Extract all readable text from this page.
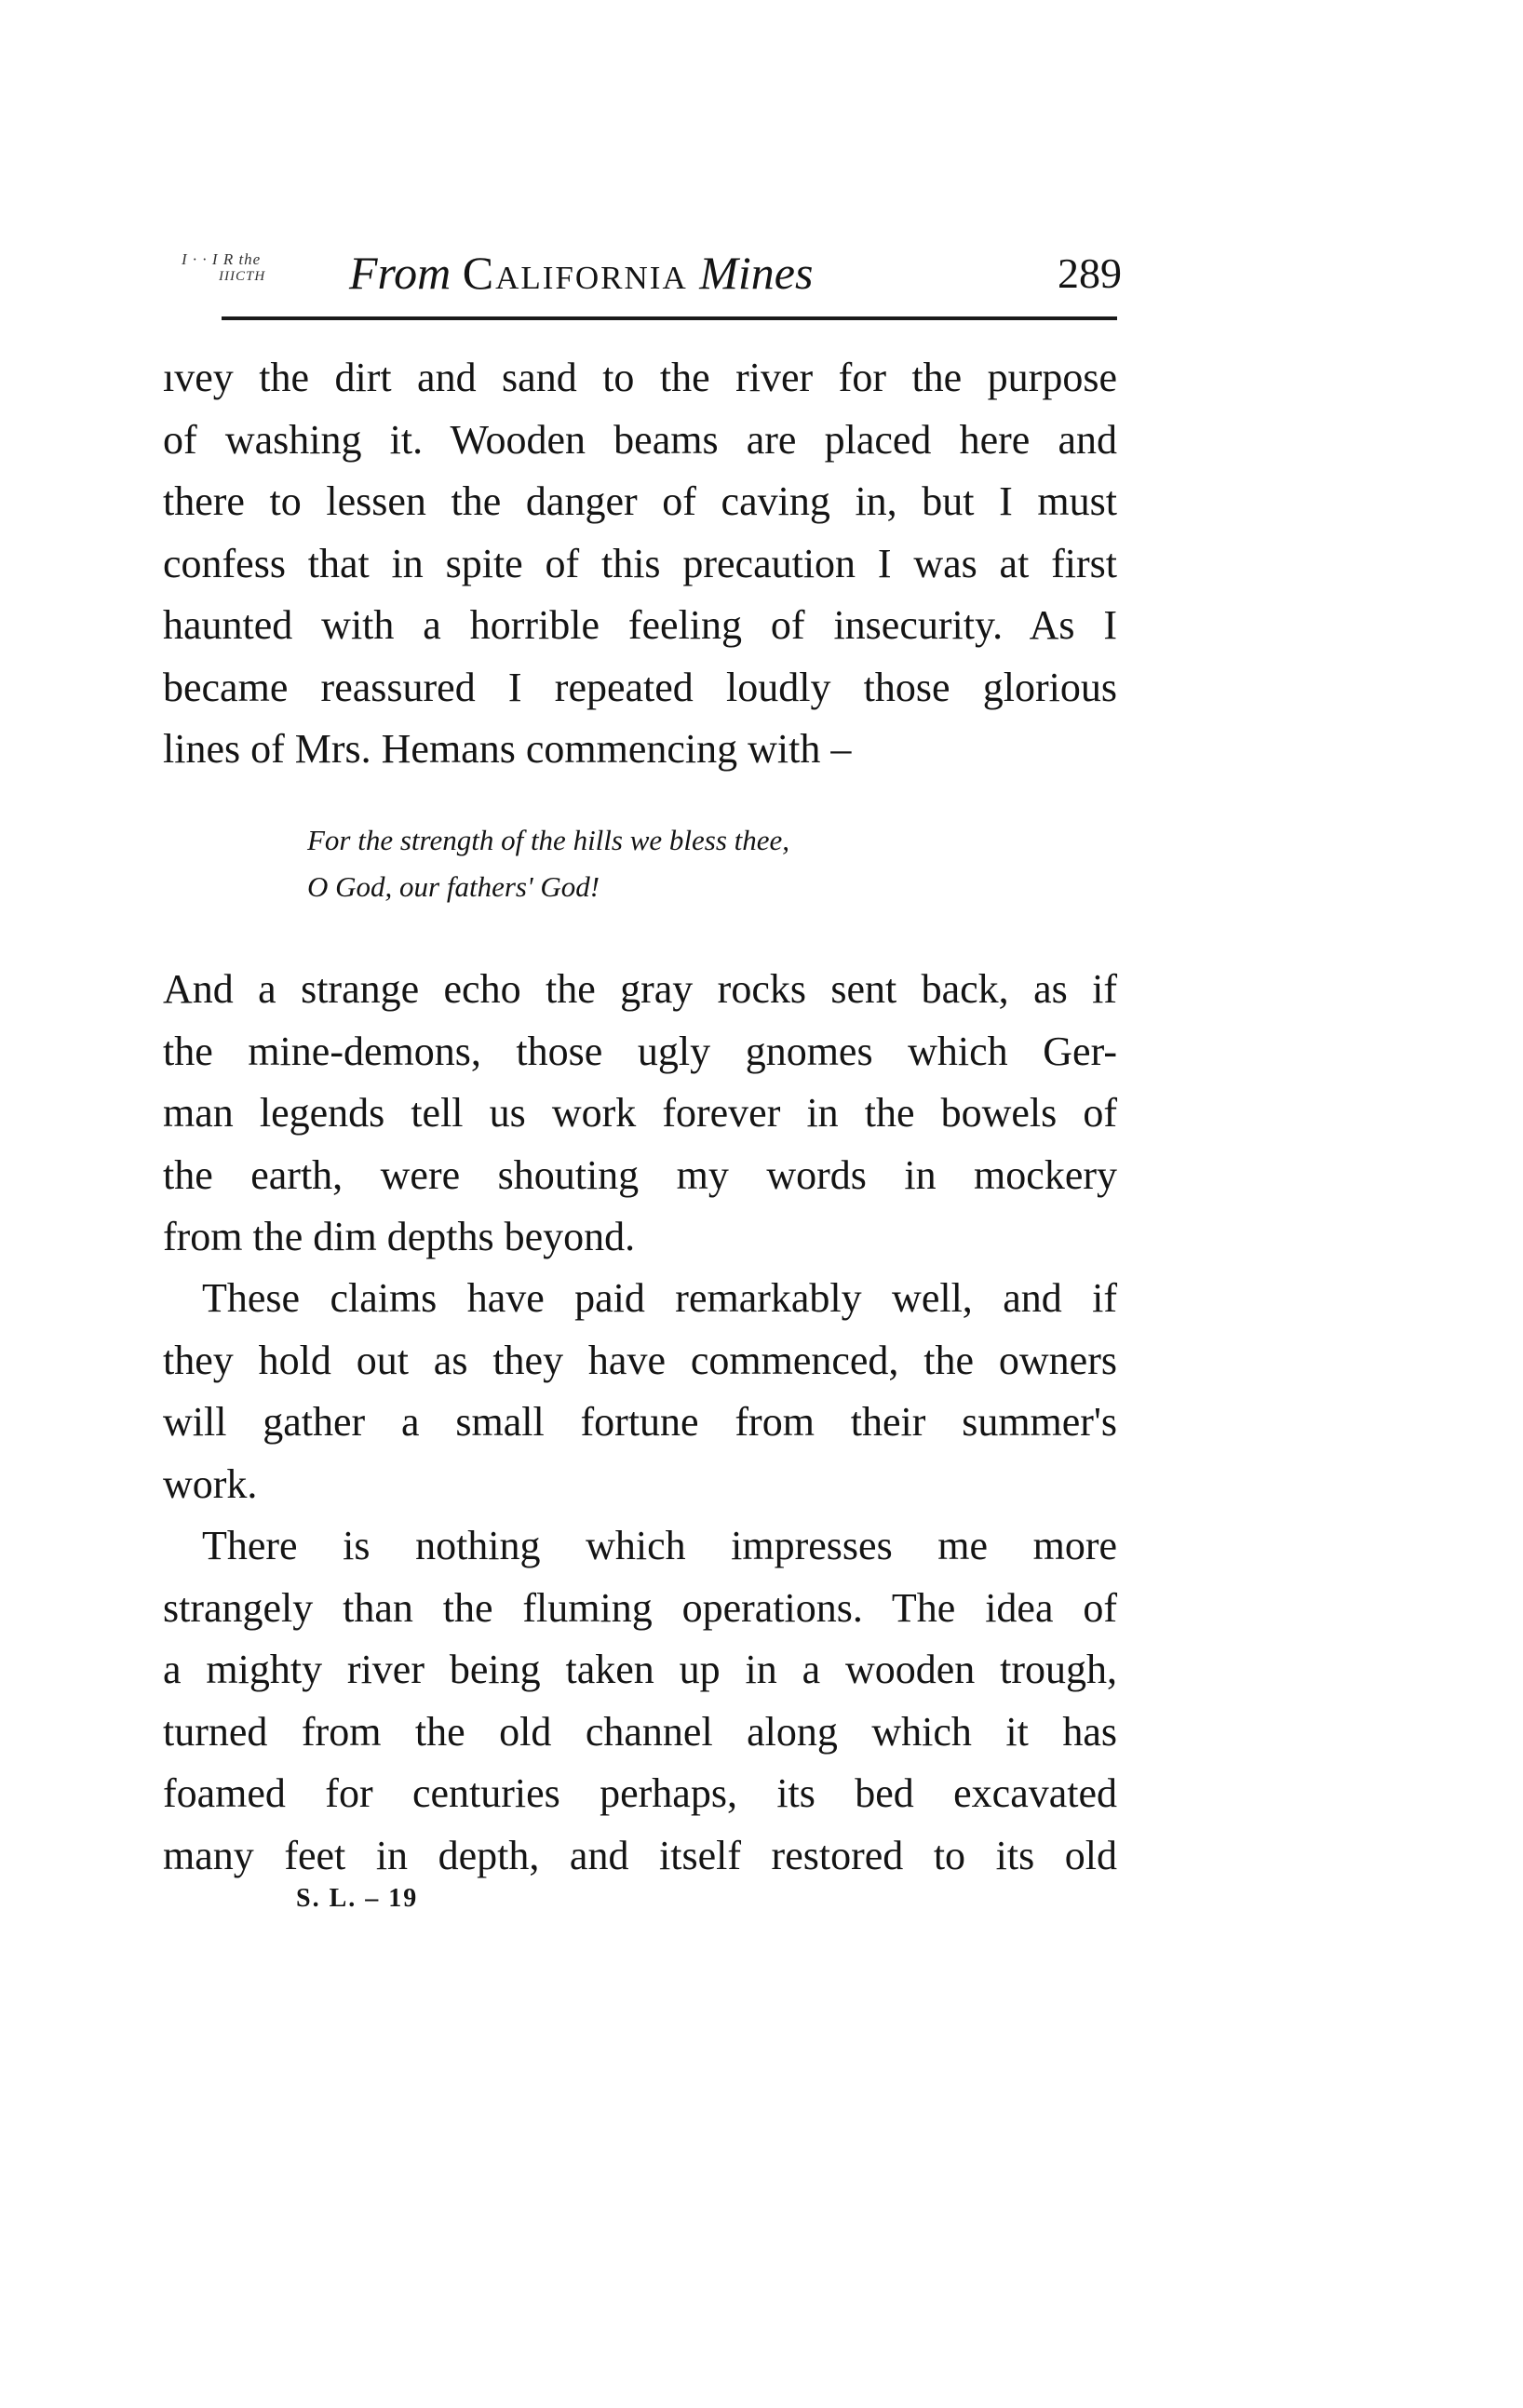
I · · I R the
IIICTH	From California Mines	289
ıvey the dirt and sand to the river for the purpose
of washing it. Wooden beams are placed here and
there to lessen the danger of caving in, but I must
confess that in spite of this precaution I was at first
haunted with a horrible feeling of insecurity. As I
became reassured I repeated loudly those glorious
lines of Mrs. Hemans commencing with –
For the strength of the hills we bless thee,
O God, our fathers' God!
And a strange echo the gray rocks sent back, as if
the mine-demons, those ugly gnomes which Ger-
man legends tell us work forever in the bowels of
the earth, were shouting my words in mockery
from the dim depths beyond.
These claims have paid remarkably well, and if
they hold out as they have commenced, the owners
will gather a small fortune from their summer's
work.
There is nothing which impresses me more
strangely than the fluming operations. The idea of
a mighty river being taken up in a wooden trough,
turned from the old channel along which it has
foamed for centuries perhaps, its bed excavated
many feet in depth, and itself restored to its old
S. L. – 19
